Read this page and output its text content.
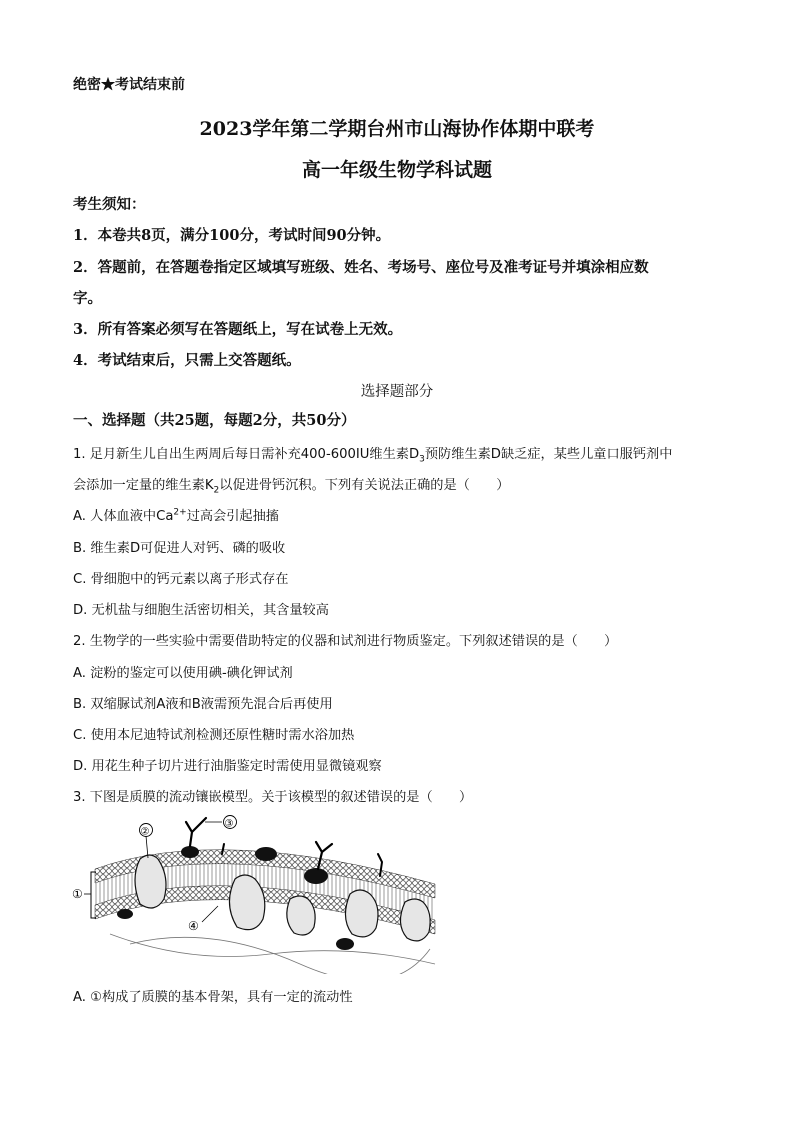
绝密★考试结束前
2023学年第二学期台州市山海协作体期中联考
高一年级生物学科试题
考生须知：
1．本卷共8页，满分100分，考试时间90分钟。
2．答题前，在答题卷指定区域填写班级、姓名、考场号、座位号及准考证号并填涂相应数
字。
3．所有答案必须写在答题纸上，写在试卷上无效。
4．考试结束后，只需上交答题纸。
选择题部分
一、选择题（共25题，每题2分，共50分）
1. 足月新生儿自出生两周后每日需补充400-600IU维生素$D_3$预防维生素D缺乏症，某些儿童口服钙剂中
会添加一定量的维生素$K_2$以促进骨钙沉积。下列有关说法正确的是（　　）
A. 人体血液中$Ca^{2+}$过高会引起抽搐
B. 维生素D可促进人对钙、磷的吸收
C. 骨细胞中的钙元素以离子形式存在
D. 无机盐与细胞生活密切相关，其含量较高
2. 生物学的一些实验中需要借助特定的仪器和试剂进行物质鉴定。下列叙述错误的是（　　）
A. 淀粉的鉴定可以使用碘-碘化钾试剂
B. 双缩脲试剂A液和B液需预先混合后再使用
C. 使用本尼迪特试剂检测还原性糖时需水浴加热
D. 用花生种子切片进行油脂鉴定时需使用显微镜观察
3. 下图是质膜的流动镶嵌模型。关于该模型的叙述错误的是（　　）
①
②
③
④
A. ①构成了质膜的基本骨架，具有一定的流动性
